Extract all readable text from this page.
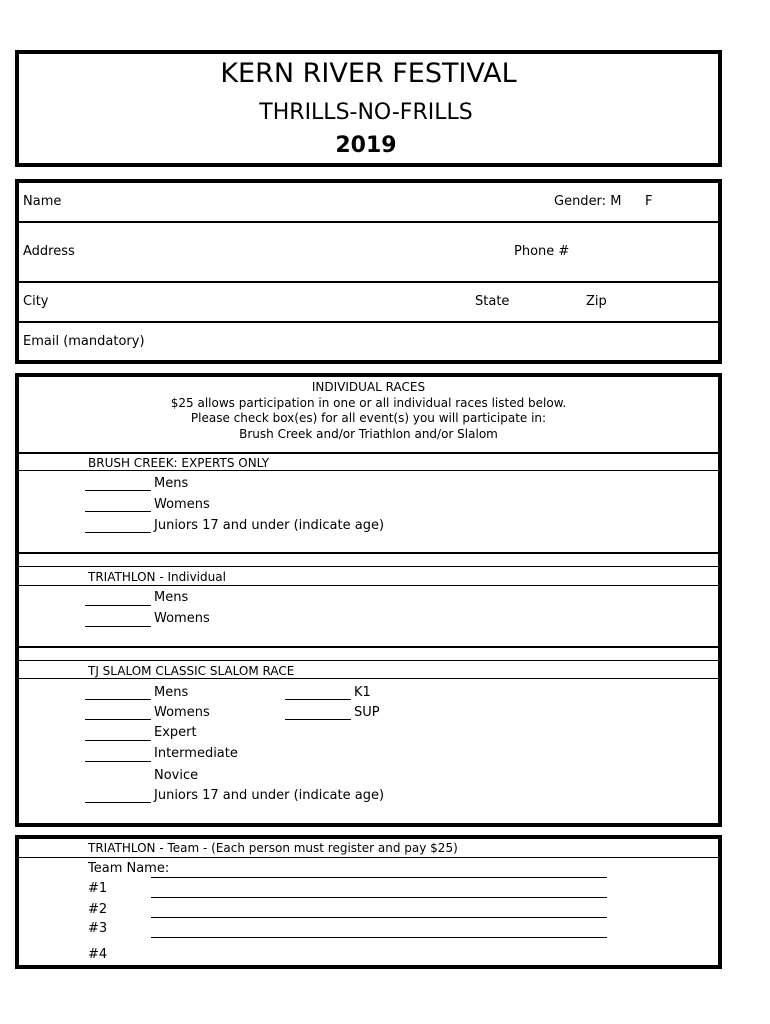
KERN RIVER FESTIVAL
THRILLS-NO-FRILLS
2019
Name	Gender: M F
Address	Phone #
City	State	Zip
Email (mandatory)
INDIVIDUAL RACES
$25 allows participation in one or all individual races listed below.
Please check box(es) for all event(s) you will participate in:
Brush Creek and/or Triathlon and/or Slalom
BRUSH CREEK: EXPERTS ONLY
Mens
Womens
Juniors 17 and under (indicate age)
TRIATHLON - Individual
Mens
Womens
TJ SLALOM CLASSIC SLALOM RACE
Mens
Womens
Expert
Intermediate
Novice
Juniors 17 and under (indicate age)
K1
SUP
TRIATHLON - Team - (Each person must register and pay $25)
Team Name:
#1
#2
#3
#4
